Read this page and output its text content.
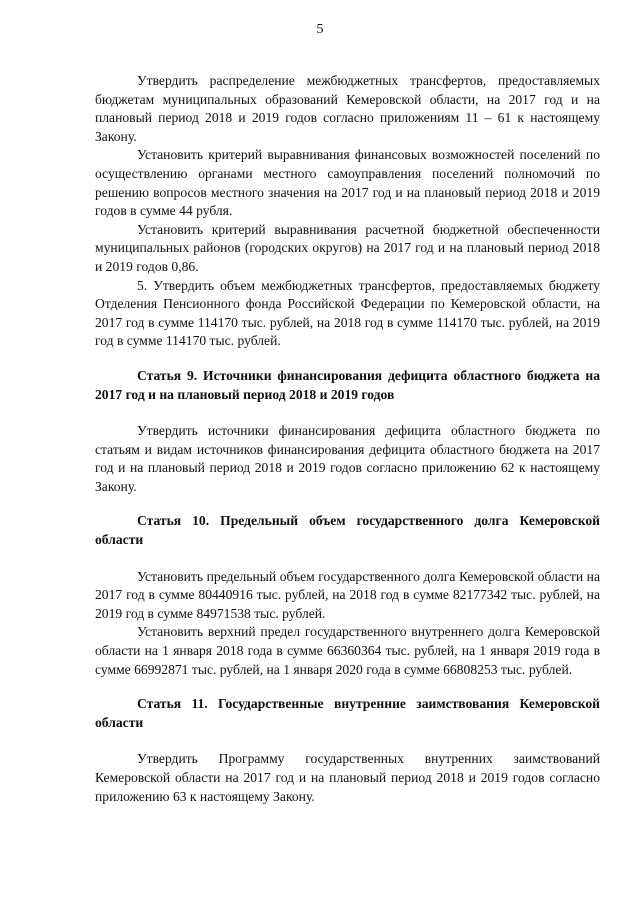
5

Утвердить распределение межбюджетных трансфертов, предоставляемых бюджетам муниципальных образований Кемеровской области, на 2017 год и на плановый период 2018 и 2019 годов согласно приложениям 11 – 61 к настоящему Закону.

Установить критерий выравнивания финансовых возможностей поселений по осуществлению органами местного самоуправления поселений полномочий по решению вопросов местного значения на 2017 год и на плановый период 2018 и 2019 годов в сумме 44 рубля.

Установить критерий выравнивания расчетной бюджетной обеспеченности муниципальных районов (городских округов) на 2017 год и на плановый период 2018 и 2019 годов 0,86.

5. Утвердить объем межбюджетных трансфертов, предоставляемых бюджету Отделения Пенсионного фонда Российской Федерации по Кемеровской области, на 2017 год в сумме 114170 тыс. рублей, на 2018 год в сумме 114170 тыс. рублей, на 2019 год в сумме 114170 тыс. рублей.

Статья 9. Источники финансирования дефицита областного бюджета на 2017 год и на плановый период 2018 и 2019 годов

Утвердить источники финансирования дефицита областного бюджета по статьям и видам источников финансирования дефицита областного бюджета на 2017 год и на плановый период 2018 и 2019 годов согласно приложению 62 к настоящему Закону.

Статья 10. Предельный объем государственного долга Кемеровской области

Установить предельный объем государственного долга Кемеровской области на 2017 год в сумме 80440916 тыс. рублей, на 2018 год в сумме 82177342 тыс. рублей, на 2019 год в сумме 84971538 тыс. рублей.

Установить верхний предел государственного внутреннего долга Кемеровской области на 1 января 2018 года в сумме 66360364 тыс. рублей, на 1 января 2019 года в сумме 66992871 тыс. рублей, на 1 января 2020 года в сумме 66808253 тыс. рублей.

Статья 11. Государственные внутренние заимствования Кемеровской области

Утвердить Программу государственных внутренних заимствований Кемеровской области на 2017 год и на плановый период 2018 и 2019 годов согласно приложению 63 к настоящему Закону.
